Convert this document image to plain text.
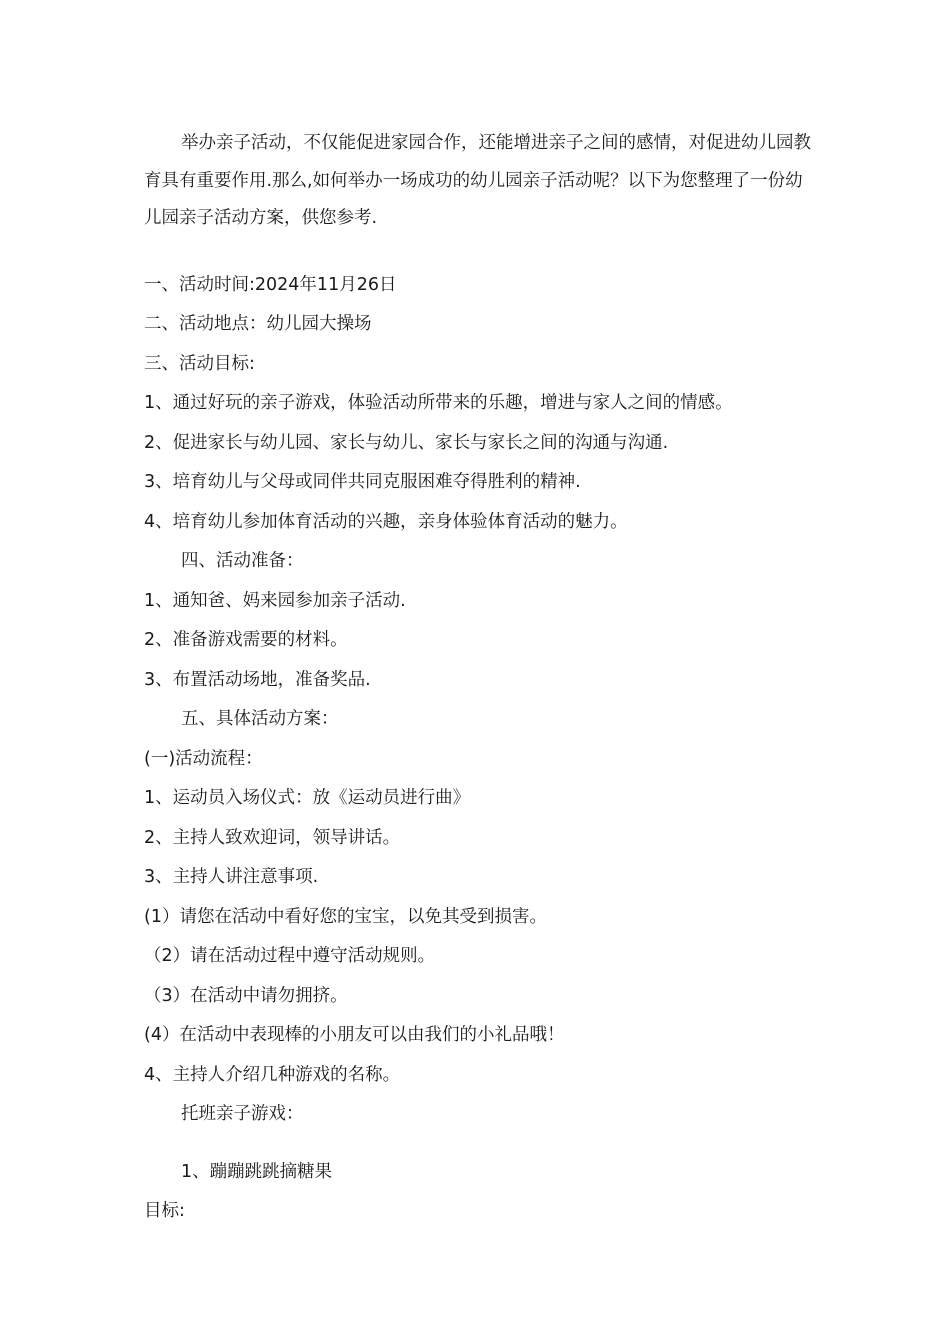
举办亲子活动，不仅能促进家园合作，还能增进亲子之间的感情，对促进幼儿园教育具有重要作用.那么,如何举办一场成功的幼儿园亲子活动呢？以下为您整理了一份幼儿园亲子活动方案，供您参考.

一、活动时间:2024年11月26日
二、活动地点：幼儿园大操场
三、活动目标:
1、通过好玩的亲子游戏，体验活动所带来的乐趣，增进与家人之间的情感。
2、促进家长与幼儿园、家长与幼儿、家长与家长之间的沟通与沟通.
3、培育幼儿与父母或同伴共同克服困难夺得胜利的精神.
4、培育幼儿参加体育活动的兴趣，亲身体验体育活动的魅力。
四、活动准备：
1、通知爸、妈来园参加亲子活动.
2、准备游戏需要的材料。
3、布置活动场地，准备奖品.
五、具体活动方案：
(一)活动流程：
1、运动员入场仪式：放《运动员进行曲》
2、主持人致欢迎词，领导讲话。
3、主持人讲注意事项.
(1）请您在活动中看好您的宝宝，以免其受到损害。
（2）请在活动过程中遵守活动规则。
（3）在活动中请勿拥挤。
(4）在活动中表现棒的小朋友可以由我们的小礼品哦！
4、主持人介绍几种游戏的名称。
托班亲子游戏：
1、蹦蹦跳跳摘糖果
目标:
